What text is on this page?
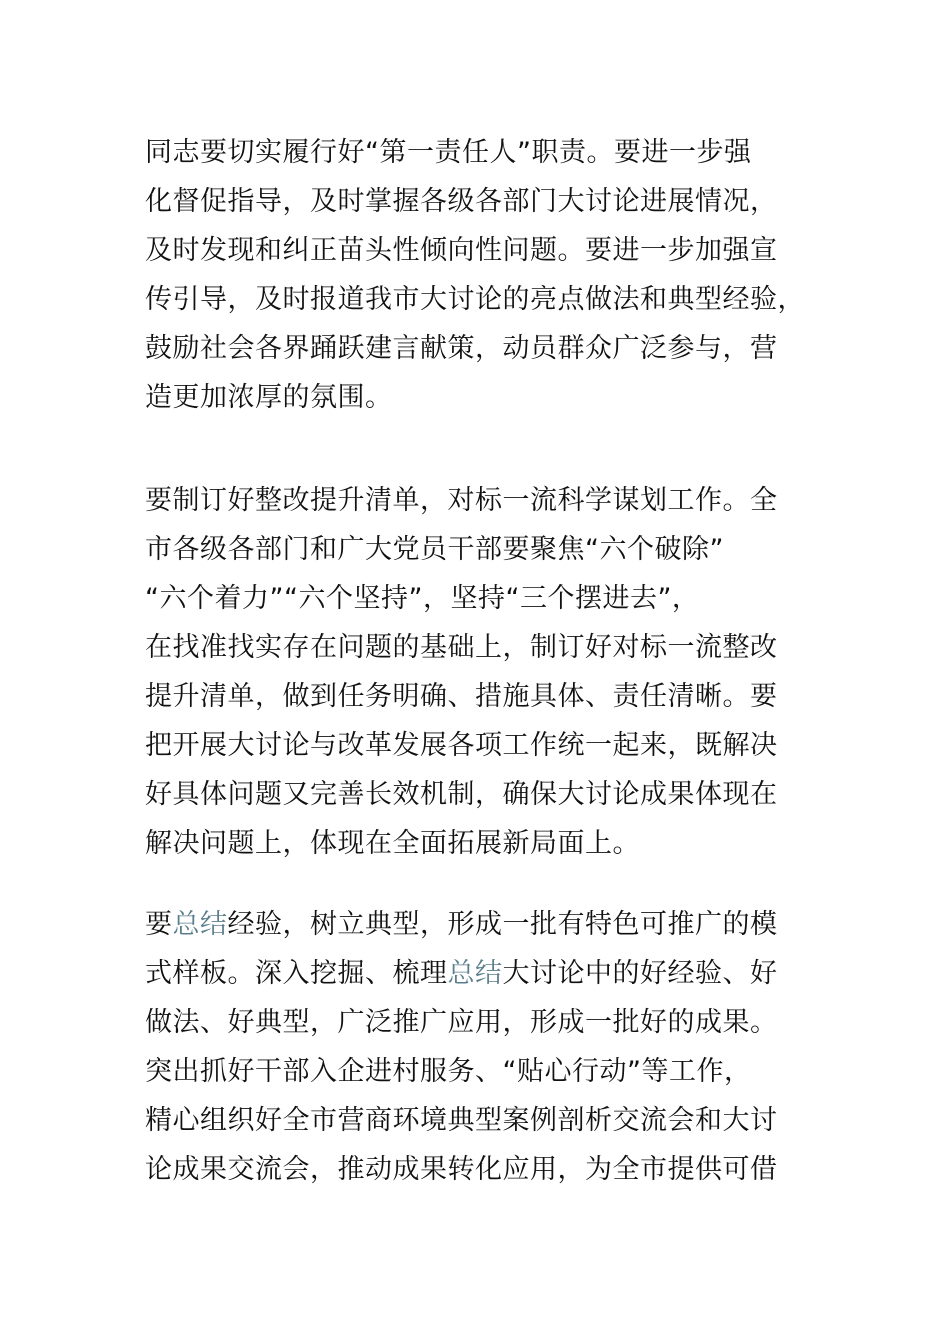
同志要切实履行好“第一责任人”职责。要进一步强
化督促指导，及时掌握各级各部门大讨论进展情况，
及时发现和纠正苗头性倾向性问题。要进一步加强宣
传引导，及时报道我市大讨论的亮点做法和典型经验，
鼓励社会各界踊跃建言献策，动员群众广泛参与，营
造更加浓厚的氛围。
要制订好整改提升清单，对标一流科学谋划工作。全
市各级各部门和广大党员干部要聚焦“六个破除”
“六个着力”“六个坚持”，坚持“三个摆进去”，
在找准找实存在问题的基础上，制订好对标一流整改
提升清单，做到任务明确、措施具体、责任清晰。要
把开展大讨论与改革发展各项工作统一起来，既解决
好具体问题又完善长效机制，确保大讨论成果体现在
解决问题上，体现在全面拓展新局面上。
要总结经验，树立典型，形成一批有特色可推广的模
式样板。深入挖掘、梳理总结大讨论中的好经验、好
做法、好典型，广泛推广应用，形成一批好的成果。
突出抓好干部入企进村服务、“贴心行动”等工作，
精心组织好全市营商环境典型案例剖析交流会和大讨
论成果交流会，推动成果转化应用，为全市提供可借
